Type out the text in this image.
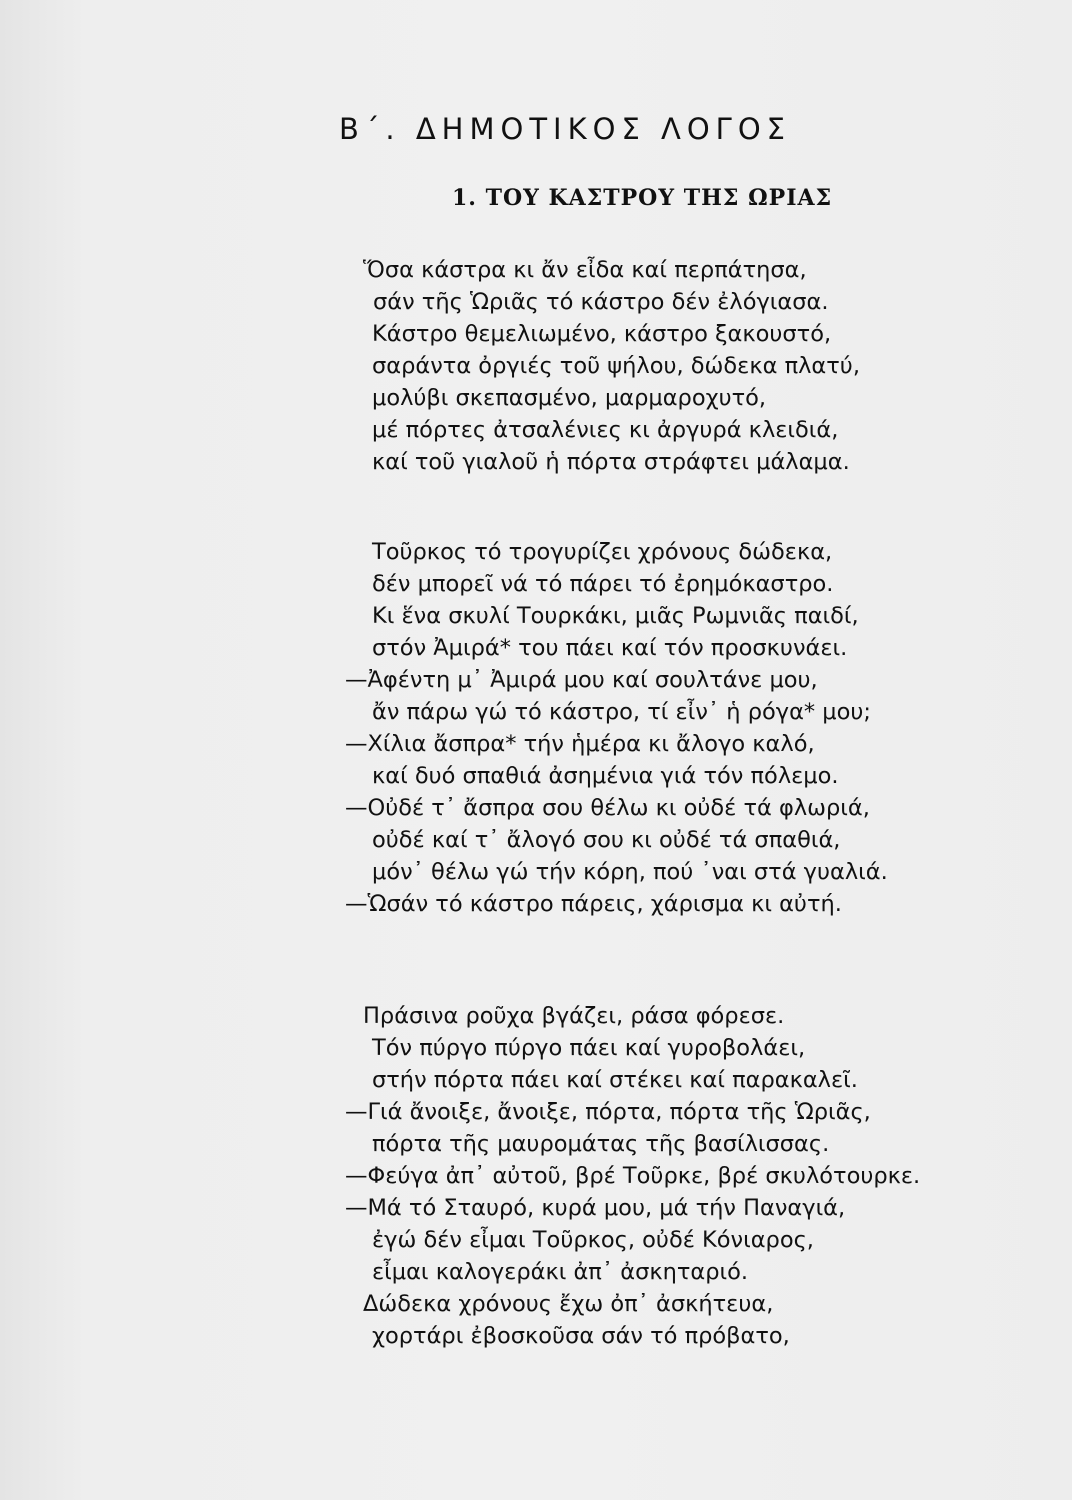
Β΄. ΔΗΜΟΤΙΚΟΣ ΛΟΓΟΣ
1. ΤΟΥ ΚΑΣΤΡΟΥ ΤΗΣ ΩΡΙΑΣ
Ὅσα κάστρα κι ἄν εἶδα καί περπάτησα,
σάν τῆς Ὡριᾶς τό κάστρο δέν ἐλόγιασα.
Κάστρο θεμελιωμένο, κάστρο ξακουστό,
σαράντα ὀργιές τοῦ ψήλου, δώδεκα πλατύ,
μολύβι σκεπασμένο, μαρμαροχυτό,
μέ πόρτες ἀτσαλένιες κι ἀργυρά κλειδιά,
καί τοῦ γιαλοῦ ἡ πόρτα στράφτει μάλαμα.
Τοῦρκος τό τρογυρίζει χρόνους δώδεκα,
δέν μπορεῖ νά τό πάρει τό ἐρημόκαστρο.
Κι ἕνα σκυλί Τουρκάκι, μιᾶς Ρωμνιᾶς παιδί,
στόν Ἀμιρά* του πάει καί τόν προσκυνάει.
—Ἀφέντη μ᾿ Ἀμιρά μου καί σουλτάνε μου,
ἄν πάρω γώ τό κάστρο, τί εἶν᾿ ἡ ρόγα* μου;
—Χίλια ἄσπρα* τήν ἡμέρα κι ἄλογο καλό,
καί δυό σπαθιά ἀσημένια γιά τόν πόλεμο.
—Οὐδέ τ᾿ ἄσπρα σου θέλω κι οὐδέ τά φλωριά,
οὐδέ καί τ᾿ ἄλογό σου κι οὐδέ τά σπαθιά,
μόν᾿ θέλω γώ τήν κόρη, πού ᾿ναι στά γυαλιά.
—Ὡσάν τό κάστρο πάρεις, χάρισμα κι αὐτή.
Πράσινα ροῦχα βγάζει, ράσα φόρεσε.
Τόν πύργο πύργο πάει καί γυροβολάει,
στήν πόρτα πάει καί στέκει καί παρακαλεῖ.
—Γιά ἄνοιξε, ἄνοιξε, πόρτα, πόρτα τῆς Ὡριᾶς,
πόρτα τῆς μαυρομάτας τῆς βασίλισσας.
—Φεύγα ἀπ᾿ αὐτοῦ, βρέ Τοῦρκε, βρέ σκυλότουρκε.
—Μά τό Σταυρό, κυρά μου, μά τήν Παναγιά,
ἐγώ δέν εἶμαι Τοῦρκος, οὐδέ Κόνιαρος,
εἶμαι καλογεράκι ἀπ᾿ ἀσκηταριό.
Δώδεκα χρόνους ἔχω ὀπ᾿ ἀσκήτευα,
χορτάρι ἐβοσκοῦσα σάν τό πρόβατο,
